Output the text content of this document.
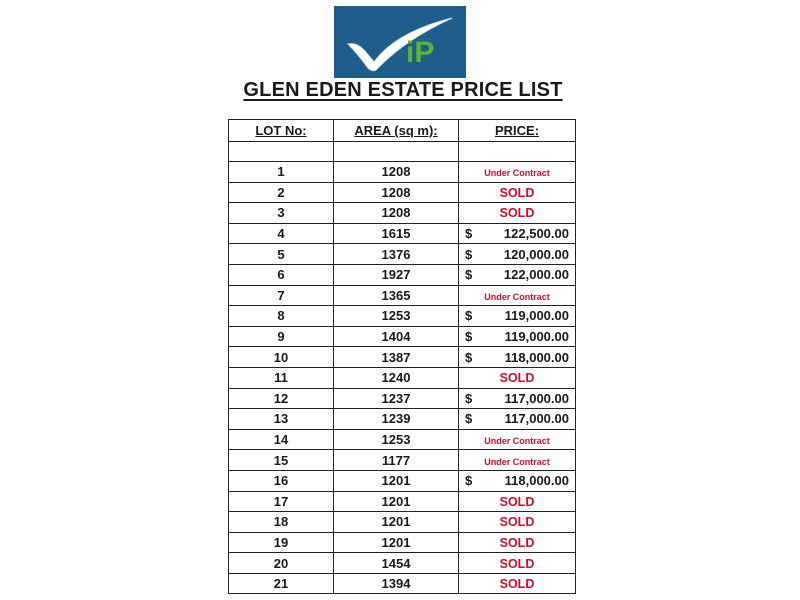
iP
GLEN EDEN ESTATE PRICE LIST
LOT No:	AREA (sq m):	PRICE:

1	1208	Under Contract
2	1208	SOLD
3	1208	SOLD
4	1615	$ 122,500.00

5	1376	$ 120,000.00

6	1927	$ 122,000.00

7	1365	Under Contract
8	1253	$ 119,000.00

9	1404	$ 119,000.00

10	1387	$ 118,000.00

11	1240	SOLD
12	1237	$ 117,000.00

13	1239	$ 117,000.00

14	1253	Under Contract
15	1177	Under Contract
16	1201	$ 118,000.00

17	1201	SOLD
18	1201	SOLD
19	1201	SOLD
20	1454	SOLD
21	1394	SOLD
